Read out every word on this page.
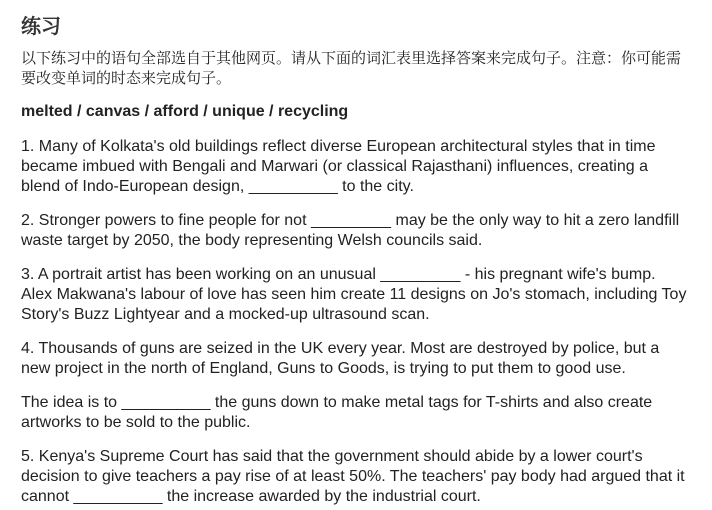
练习

以下练习中的语句全部选自于其他网页。请从下面的词汇表里选择答案来完成句子。注意：你可能需要改变单词的时态来完成句子。

melted / canvas / afford / unique / recycling

1. Many of Kolkata's old buildings reflect diverse European architectural styles that in time became imbued with Bengali and Marwari (or classical Rajasthani) influences, creating a blend of Indo-European design, __________ to the city.

2. Stronger powers to fine people for not _________ may be the only way to hit a zero landfill waste target by 2050, the body representing Welsh councils said.

3. A portrait artist has been working on an unusual _________ - his pregnant wife's bump. Alex Makwana's labour of love has seen him create 11 designs on Jo's stomach, including Toy Story's Buzz Lightyear and a mocked-up ultrasound scan.

4. Thousands of guns are seized in the UK every year. Most are destroyed by police, but a new project in the north of England, Guns to Goods, is trying to put them to good use.

The idea is to __________ the guns down to make metal tags for T-shirts and also create artworks to be sold to the public.

5. Kenya's Supreme Court has said that the government should abide by a lower court's decision to give teachers a pay rise of at least 50%. The teachers' pay body had argued that it cannot __________ the increase awarded by the industrial court.
